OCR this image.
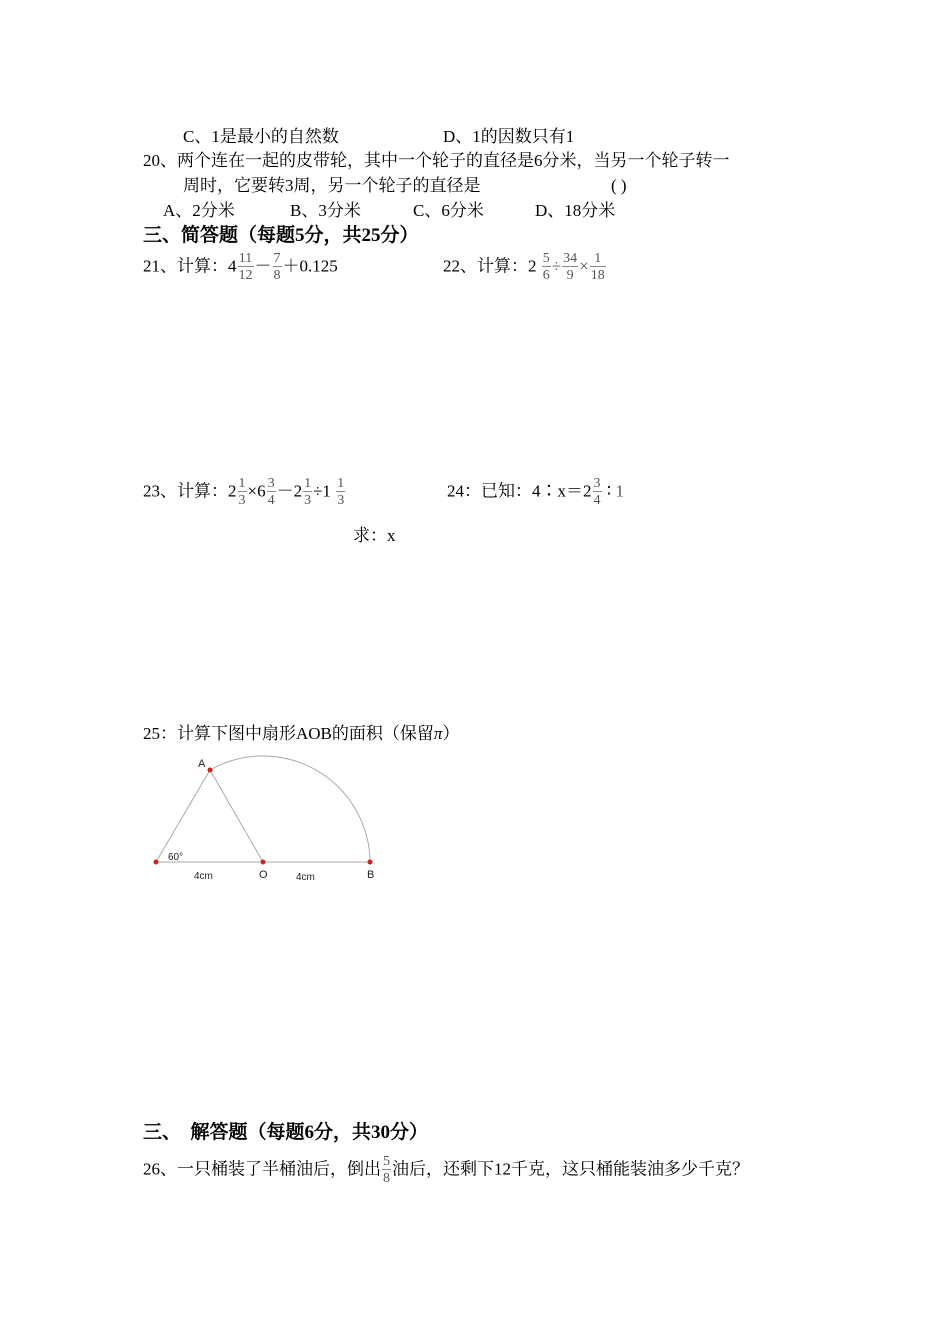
C、1是最小的自然数	D、1的因数只有1
20、两个连在一起的皮带轮，其中一个轮子的直径是6分米，当另一个轮子转一
周时，它要转3周，另一个轮子的直径是	( )
A、2分米	B、3分米	C、6分米	D、18分米
三、简答题（每题5分，共25分）
21、计算：$4 \frac{11}{12} - \frac{7}{8} +0.125$	22、计算：$2 \frac{5}{6} \div \frac{34}{9} \times \frac{1}{18}$
23、计算：$2 \frac{1}{3} \times 6 \frac{3}{4} -2 \frac{1}{3} \div 1 \frac{1}{3}$	24：已知：4∶x＝2 $\frac{3}{4}$ ∶ 1
求：x
25：计算下图中扇形AOB的面积（保留π）
A
60°
4cm	O	4cm	B
三、　解答题（每题6分，共30分）
26、一只桶装了半桶油后，倒出 $\frac{5}{8}$ 油后，还剩下12千克，这只桶能装油多少千克？
